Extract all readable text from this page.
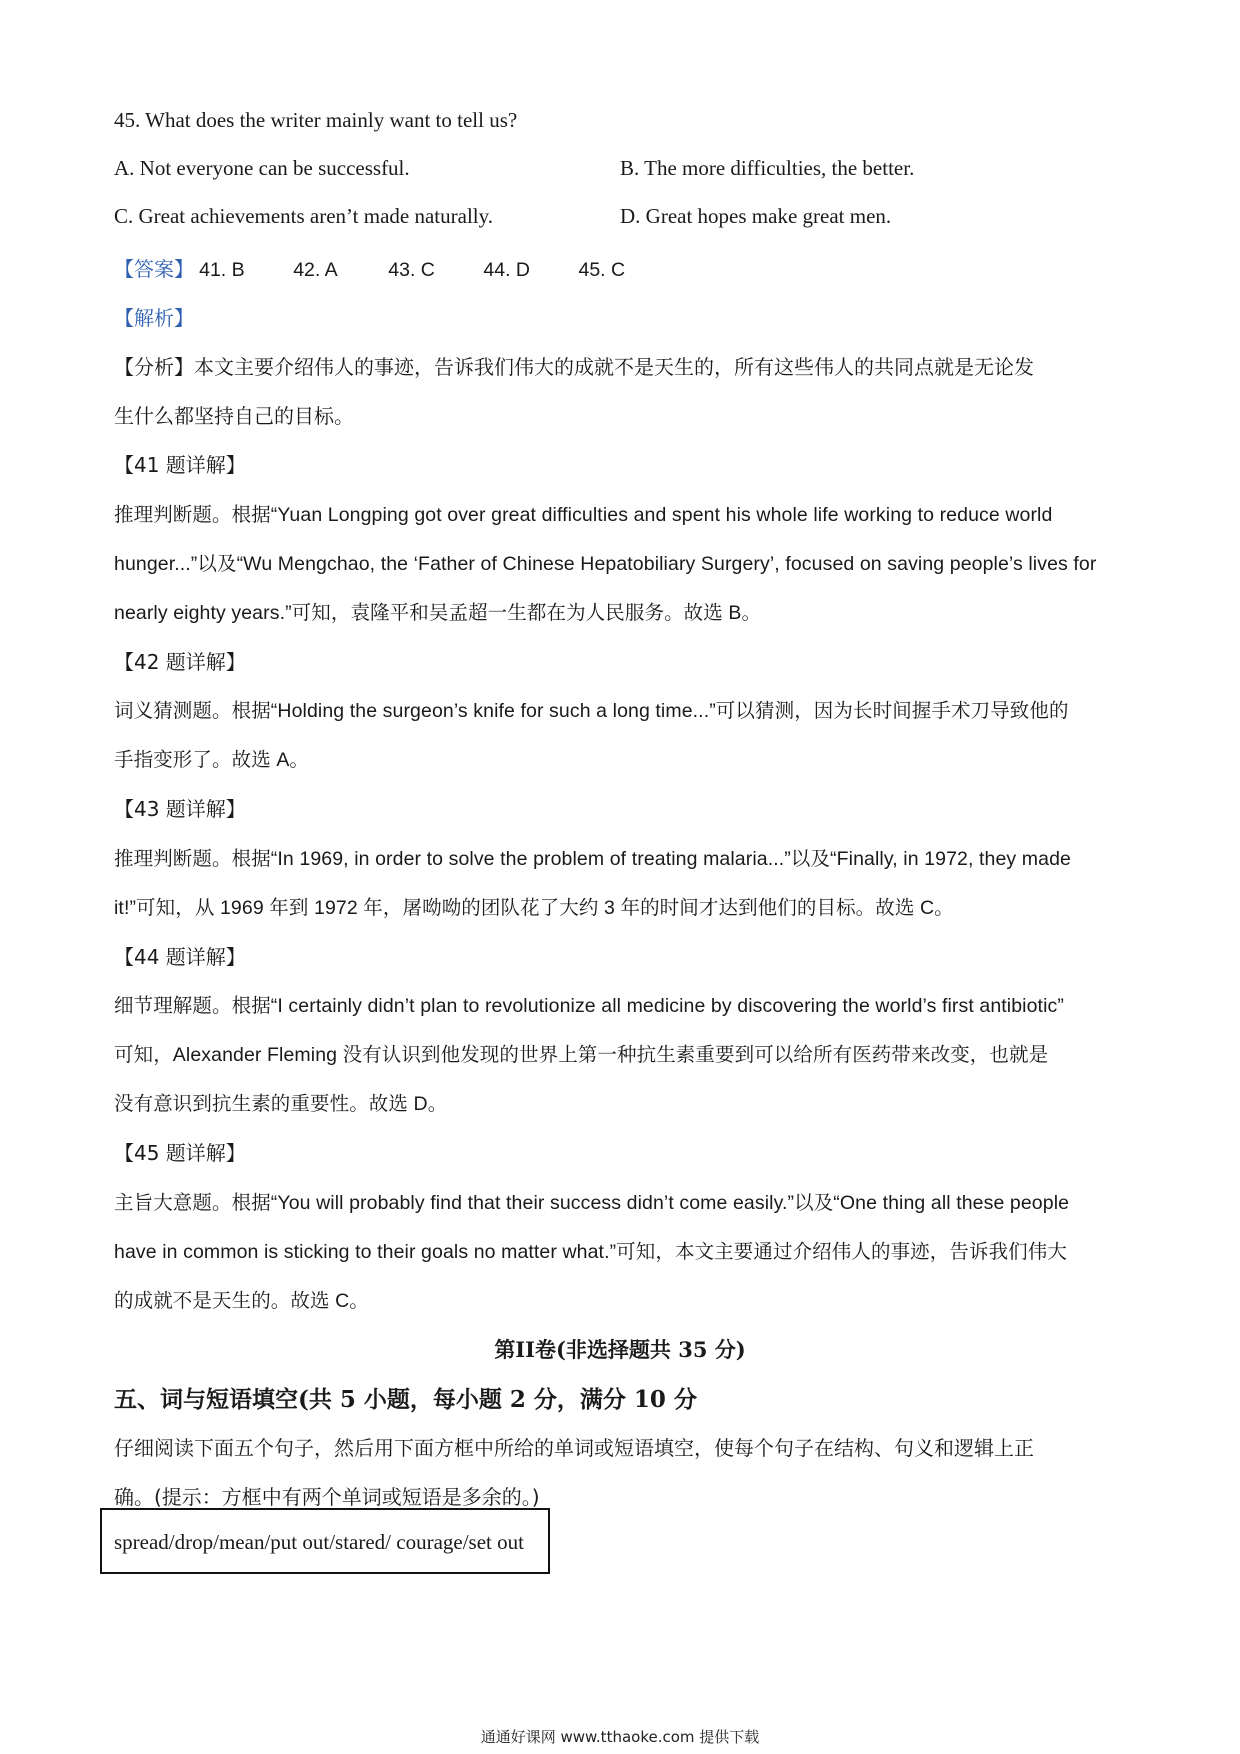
45. What does the writer mainly want to tell us?
A. Not everyone can be successful.	B. The more difficulties, the better.
C. Great achievements aren’t made naturally.	D. Great hopes make great men.
【答案】 41. B 42. A	43. C 44. D 45. C
【解析】
【分析】本文主要介绍伟人的事迹，告诉我们伟大的成就不是天生的，所有这些伟人的共同点就是无论发
生什么都坚持自己的目标。
【41 题详解】
推理判断题。根据“Yuan Longping got over great difficulties and spent his whole life working to reduce world
hunger...”以及“Wu Mengchao, the ‘Father of Chinese Hepatobiliary Surgery’, focused on saving people’s lives for
nearly eighty years.”可知，袁隆平和吴孟超一生都在为人民服务。故选 B。
【42 题详解】
词义猜测题。根据“Holding the surgeon’s knife for such a long time...”可以猜测，因为长时间握手术刀导致他的
手指变形了。故选 A。
【43 题详解】
推理判断题。根据“In 1969, in order to solve the problem of treating malaria...”以及“Finally, in 1972, they made
it!”可知，从 1969 年到 1972 年，屠呦呦的团队花了大约 3 年的时间才达到他们的目标。故选 C。
【44 题详解】
细节理解题。根据“I certainly didn’t plan to revolutionize all medicine by discovering the world’s first antibiotic”
可知，Alexander Fleming 没有认识到他发现的世界上第一种抗生素重要到可以给所有医药带来改变，也就是
没有意识到抗生素的重要性。故选 D。
【45 题详解】
主旨大意题。根据“You will probably find that their success didn’t come easily.”以及“One thing all these people
have in common is sticking to their goals no matter what.”可知，本文主要通过介绍伟人的事迹，告诉我们伟大
的成就不是天生的。故选 C。
第II卷(非选择题共 35 分)
五、词与短语填空(共 5 小题，每小题 2 分，满分 10 分
仔细阅读下面五个句子，然后用下面方框中所给的单词或短语填空，使每个句子在结构、句义和逻辑上正
确。(提示：方框中有两个单词或短语是多余的。)
spread/drop/mean/put out/stared/ courage/set out
通通好课网 www.tthaoke.com 提供下载
